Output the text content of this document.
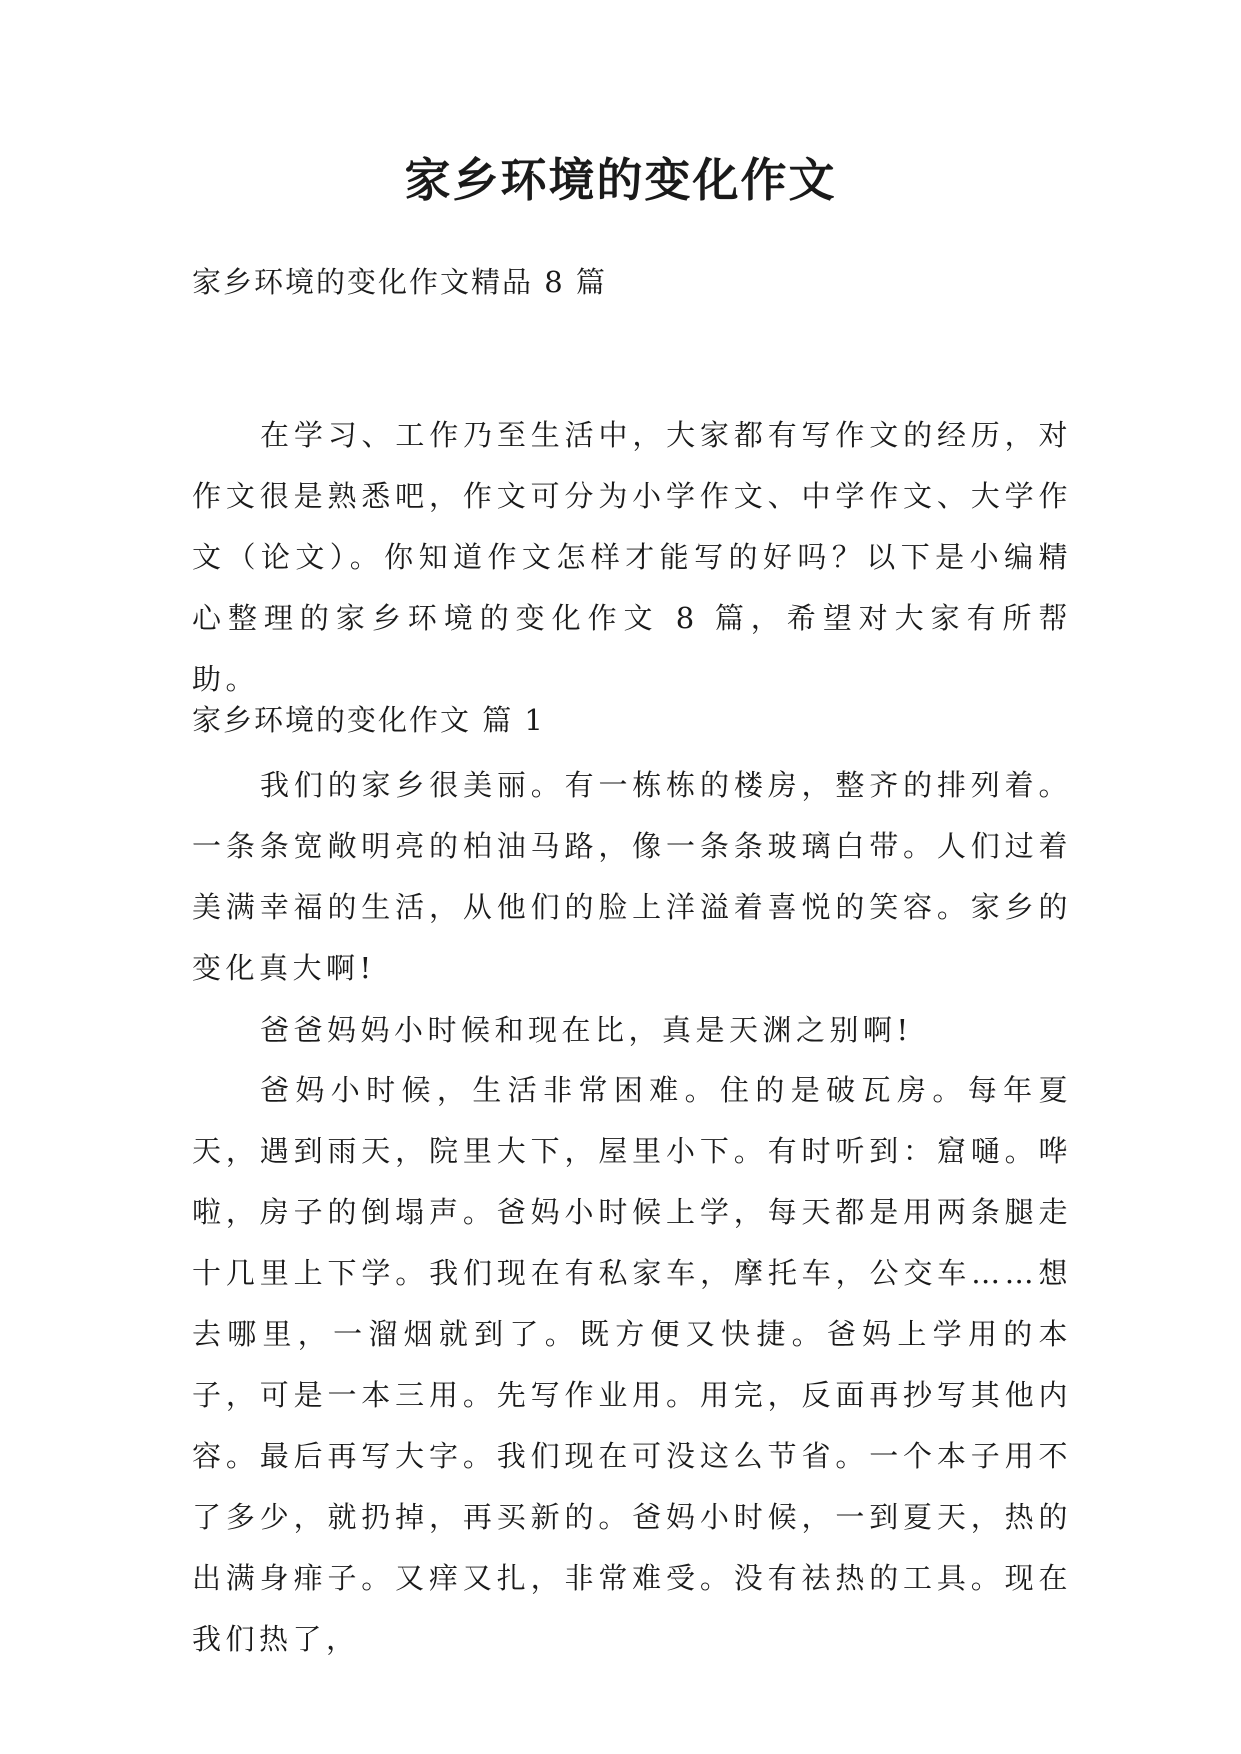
家乡环境的变化作文

家乡环境的变化作文精品 8 篇

在学习、工作乃至生活中，大家都有写作文的经历，对作文很是熟悉吧，作文可分为小学作文、中学作文、大学作文（论文）。你知道作文怎样才能写的好吗？以下是小编精心整理的家乡环境的变化作文 8 篇，希望对大家有所帮助。

家乡环境的变化作文 篇 1

我们的家乡很美丽。有一栋栋的楼房，整齐的排列着。一条条宽敞明亮的柏油马路，像一条条玻璃白带。人们过着美满幸福的生活，从他们的脸上洋溢着喜悦的笑容。家乡的变化真大啊!

爸爸妈妈小时候和现在比，真是天渊之别啊!

爸妈小时候，生活非常困难。住的是破瓦房。每年夏天，遇到雨天，院里大下，屋里小下。有时听到：窟嗵。哗啦，房子的倒塌声。爸妈小时候上学，每天都是用两条腿走十几里上下学。我们现在有私家车，摩托车，公交车……想去哪里，一溜烟就到了。既方便又快捷。爸妈上学用的本子，可是一本三用。先写作业用。用完，反面再抄写其他内容。最后再写大字。我们现在可没这么节省。一个本子用不了多少，就扔掉，再买新的。爸妈小时候，一到夏天，热的出满身痱子。又痒又扎，非常难受。没有祛热的工具。现在我们热了，
